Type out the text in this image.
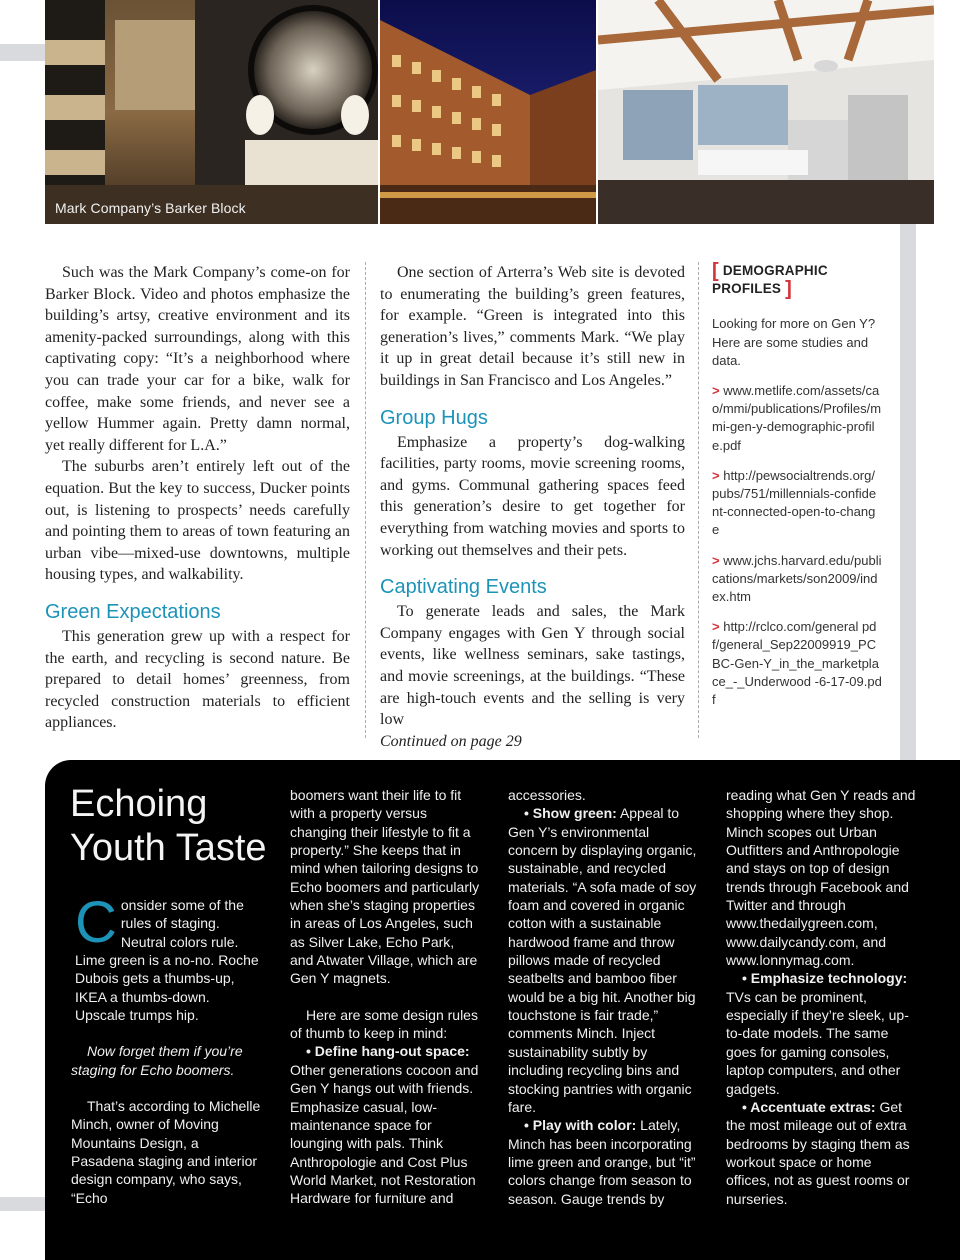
Mark Company’s Barker Block

Such was the Mark Company’s come-on for Barker Block. Video and photos emphasize the building’s artsy, creative environment and its amenity-packed surroundings, along with this captivating copy: “It’s a neighborhood where you can trade your car for a bike, walk for coffee, make some friends, and never see a yellow Hummer again. Pretty damn normal, yet really different for L.A.”

The suburbs aren’t entirely left out of the equation. But the key to success, Ducker points out, is listening to prospects’ needs carefully and pointing them to areas of town featuring an urban vibe—mixed-use downtowns, multiple housing types, and walkability.

Green Expectations

This generation grew up with a respect for the earth, and recycling is second nature. Be prepared to detail homes’ greenness, from recycled construction materials to efficient appliances.

One section of Arterra’s Web site is devoted to enumerating the building’s green features, for example. “Green is integrated into this generation’s lives,” comments Mark. “We play it up in great detail because it’s still new in buildings in San Francisco and Los Angeles.”

Group Hugs

Emphasize a property’s dog-walking facilities, party rooms, movie screening rooms, and gyms. Communal gathering spaces feed this generation’s desire to get together for everything from watching movies and sports to working out themselves and their pets.

Captivating Events

To generate leads and sales, the Mark Company engages with Gen Y through social events, like wellness seminars, sake tastings, and movie screenings, at the buildings. “These are high-touch events and the selling is very low

Continued on page 29

[ DEMOGRAPHIC PROFILES ]
Looking for more on Gen Y? Here are some studies and data.
> www.metlife.com/assets/cao/mmi/publications/Profiles/mmi-gen-y-demographic-profile.pdf
> http://pewsocialtrends.org/pubs/751/millennials-confident-connected-open-to-change
> www.jchs.harvard.edu/publications/markets/son2009/index.htm
> http://rclco.com/general pdf/general_Sep22009919_PCBC-Gen-Y_in_the_marketplace_-_Underwood -6-17-09.pdf
Echoing Youth Taste

Consider some of the rules of staging. Neutral colors rule. Lime green is a no-no. Roche Dubois gets a thumbs-up, IKEA a thumbs-down. Upscale trumps hip.

Now forget them if you’re staging for Echo boomers.

That’s according to Michelle Minch, owner of Moving Mountains Design, a Pasadena staging and interior design company, who says, “Echo

boomers want their life to fit with a property versus changing their lifestyle to fit a property.” She keeps that in mind when tailoring designs to Echo boomers and particularly when she’s staging properties in areas of Los Angeles, such as Silver Lake, Echo Park, and Atwater Village, which are Gen Y magnets.

Here are some design rules of thumb to keep in mind:

• Define hang-out space: Other generations cocoon and Gen Y hangs out with friends. Emphasize casual, low-maintenance space for lounging with pals. Think Anthropologie and Cost Plus World Market, not Restoration Hardware for furniture and

accessories.

• Show green: Appeal to Gen Y’s environmental concern by displaying organic, sustainable, and recycled materials. “A sofa made of soy foam and covered in organic cotton with a sustainable hardwood frame and throw pillows made of recycled seatbelts and bamboo fiber would be a big hit. Another big touchstone is fair trade,” comments Minch. Inject sustainability subtly by including recycling bins and stocking pantries with organic fare.

• Play with color: Lately, Minch has been incorporating lime green and orange, but “it” colors change from season to season. Gauge trends by

reading what Gen Y reads and shopping where they shop. Minch scopes out Urban Outfitters and Anthropologie and stays on top of design trends through Facebook and Twitter and through www.thedailygreen.com, www.dailycandy.com, and www.lonnymag.com.

• Emphasize technology: TVs can be prominent, especially if they’re sleek, up-to-date models. The same goes for gaming consoles, laptop computers, and other gadgets.

• Accentuate extras: Get the most mileage out of extra bedrooms by staging them as workout space or home offices, not as guest rooms or nurseries.
